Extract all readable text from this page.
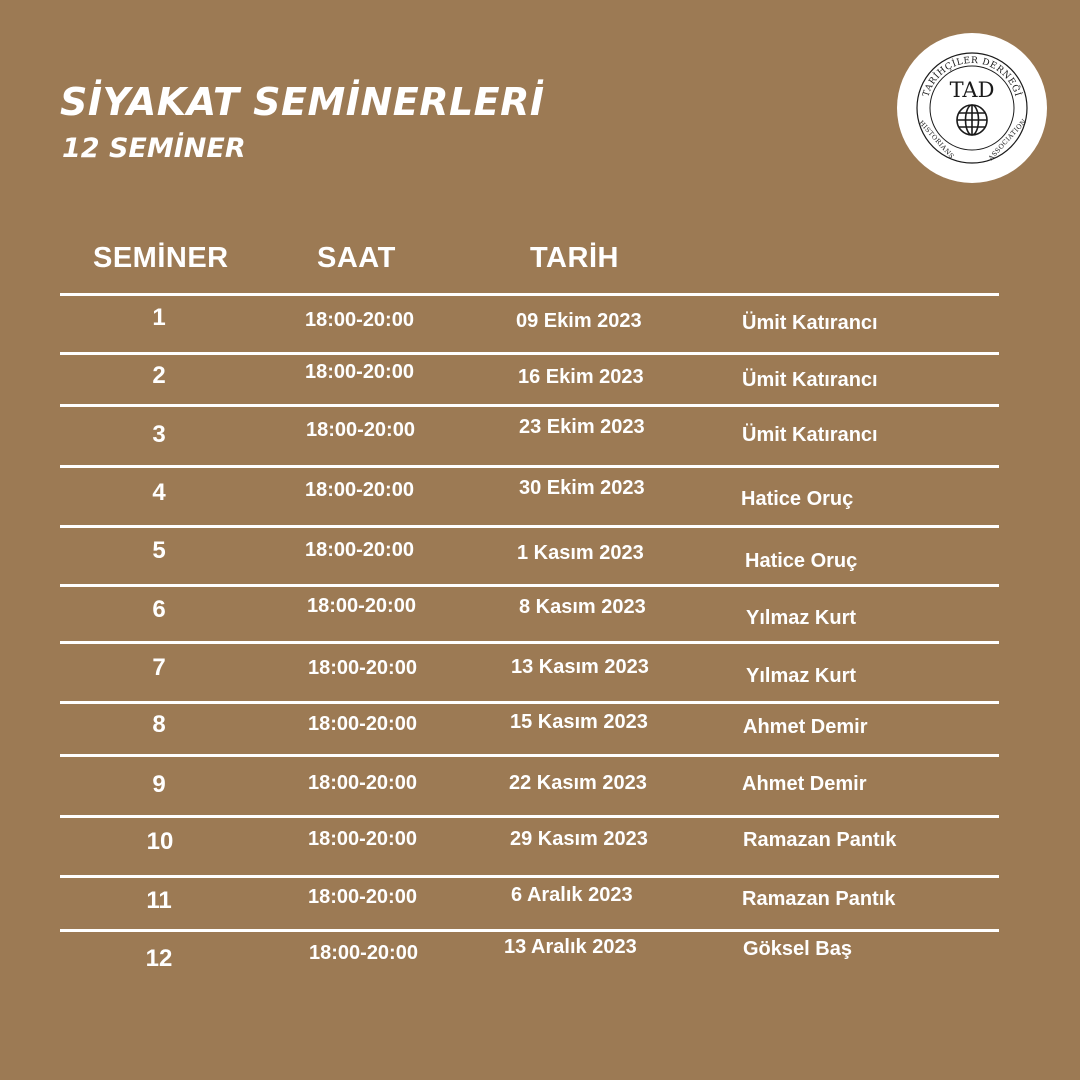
SİYAKAT SEMİNERLERİ
12 SEMİNER
TARİHÇİLER DERNEĞİ
TAD
HISTORIANS	ASSOCIATION
SEMİNER	SAAT	TARİH
1	18:00-20:00	09 Ekim 2023	Ümit Katırancı
2	18:00-20:00	16 Ekim 2023	Ümit Katırancı
3	18:00-20:00	23 Ekim 2023	Ümit Katırancı
4	18:00-20:00	30 Ekim 2023	Hatice Oruç
5	18:00-20:00	1 Kasım 2023	Hatice Oruç
6	18:00-20:00	8 Kasım 2023	Yılmaz Kurt
7	18:00-20:00	13 Kasım 2023	Yılmaz Kurt
8	18:00-20:00	15 Kasım 2023	Ahmet Demir
9	18:00-20:00	22 Kasım 2023	Ahmet Demir
10	18:00-20:00	29 Kasım 2023	Ramazan Pantık
11	18:00-20:00	6 Aralık 2023	Ramazan Pantık
12	18:00-20:00	13 Aralık 2023	Göksel Baş
